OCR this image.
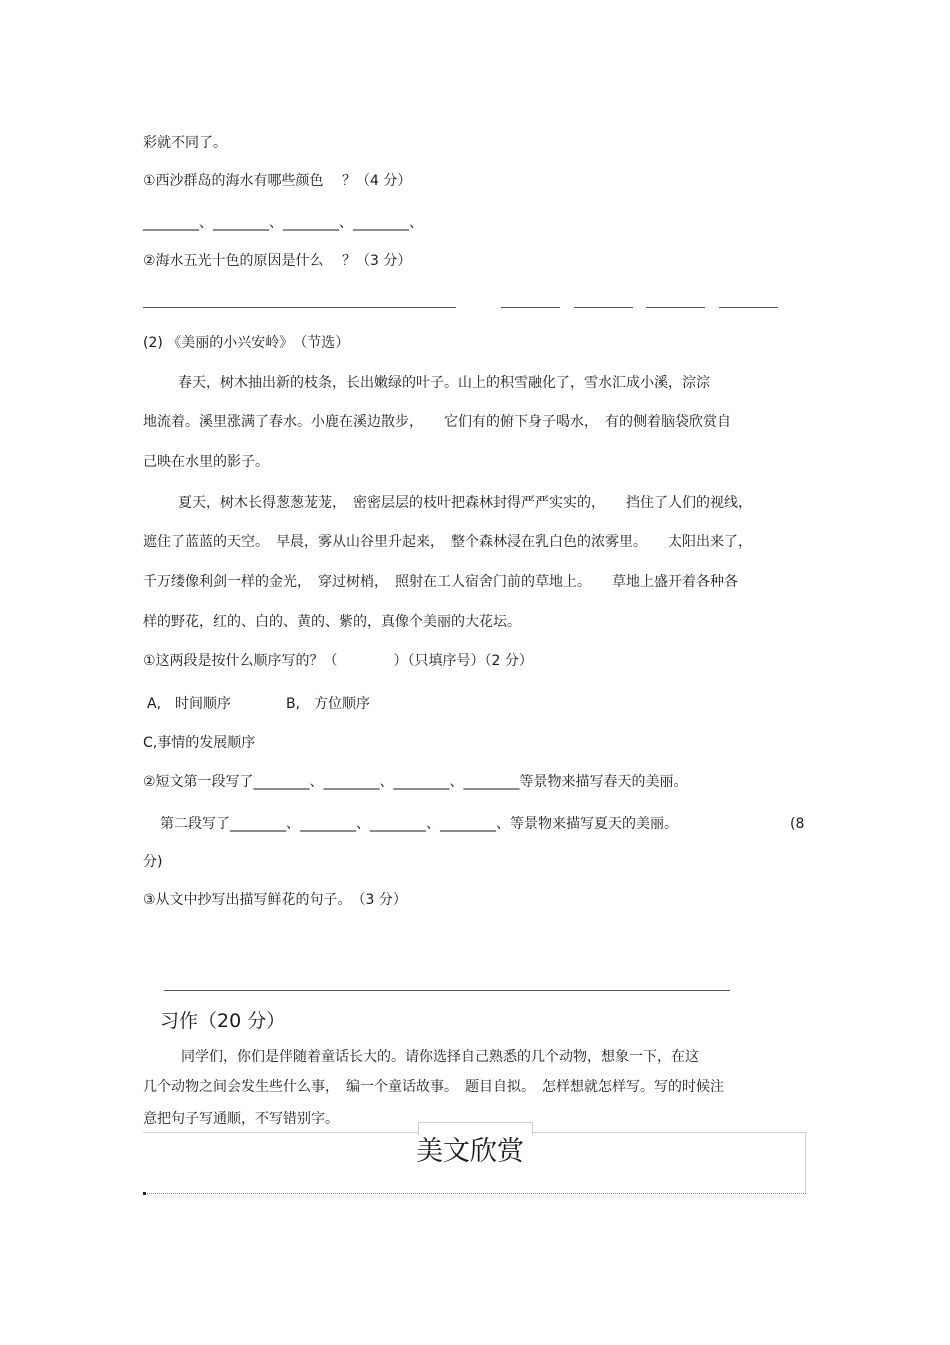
彩就不同了。
①西沙群岛的海水有哪些颜色　 ？（4 分）
________、________、________、________、
②海水五光十色的原因是什么　 ？（3 分）
(2) 《美丽的小兴安岭》　（节选）
春天，树木抽出新的枝条，长出嫩绿的叶子。山上的积雪融化了，雪水汇成小溪，淙淙
地流着。溪里涨满了春水。小鹿在溪边散步，　　它们有的俯下身子喝水，　有的侧着脑袋欣赏自
己映在水里的影子。
夏天，树木长得葱葱茏茏，　密密层层的枝叶把森林封得严严实实的，　　挡住了人们的视线，
遮住了蓝蓝的天空。　早晨，雾从山谷里升起来，　整个森林浸在乳白色的浓雾里。　　太阳出来了，
千万缕像利剑一样的金光，　穿过树梢，　照射在工人宿舍门前的草地上。　　草地上盛开着各种各
样的野花，红的、白的、黄的、紫的，真像个美丽的大花坛。
①这两段是按什么顺序写的？（　　　　）（只填序号）（2 分）
A,　时间顺序	B,　方位顺序
C,事情的发展顺序
②短文第一段写了________、________、________、________等景物来描写春天的美丽。
第二段写了________、________、________、________、等景物来描写夏天的美丽。	(8
分)
③从文中抄写出描写鲜花的句子。　（3 分）
习作（20 分）
同学们，你们是伴随着童话长大的。请你选择自己熟悉的几个动物，想象一下，在这
几个动物之间会发生些什么事，　编一个童话故事。　题目自拟。　怎样想就怎样写。写的时候注
意把句子写通顺，不写错别字。
美文欣赏
